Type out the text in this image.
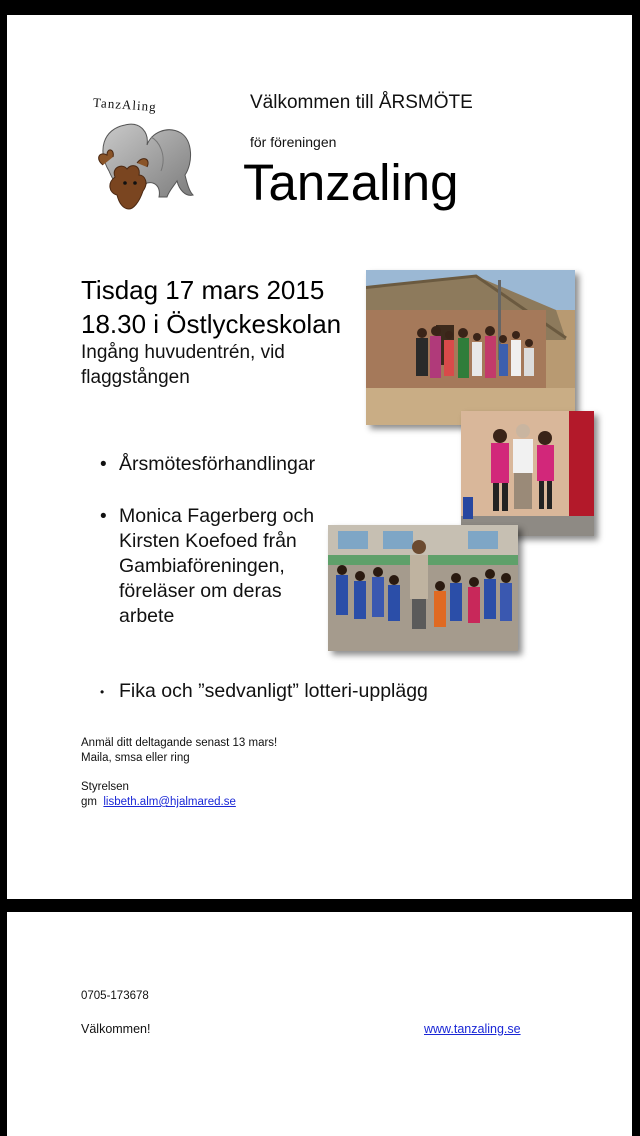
TanzAling	Välkommen till ÅRSMÖTE
för föreningen
Tanzaling
Tisdag 17 mars 2015
18.30 i Östlyckeskolan
Ingång huvudentrén, vid flaggstången
• Årsmötesförhandlingar
• Monica Fagerberg och Kirsten Koefoed från Gambiaföreningen, föreläser om deras arbete
• Fika och ”sedvanligt” lotteri-upplägg
Anmäl ditt deltagande senast 13 mars!
Maila, smsa eller ring
Styrelsen
gm lisbeth.alm@hjalmared.se
0705-173678
Välkommen!	www.tanzaling.se
